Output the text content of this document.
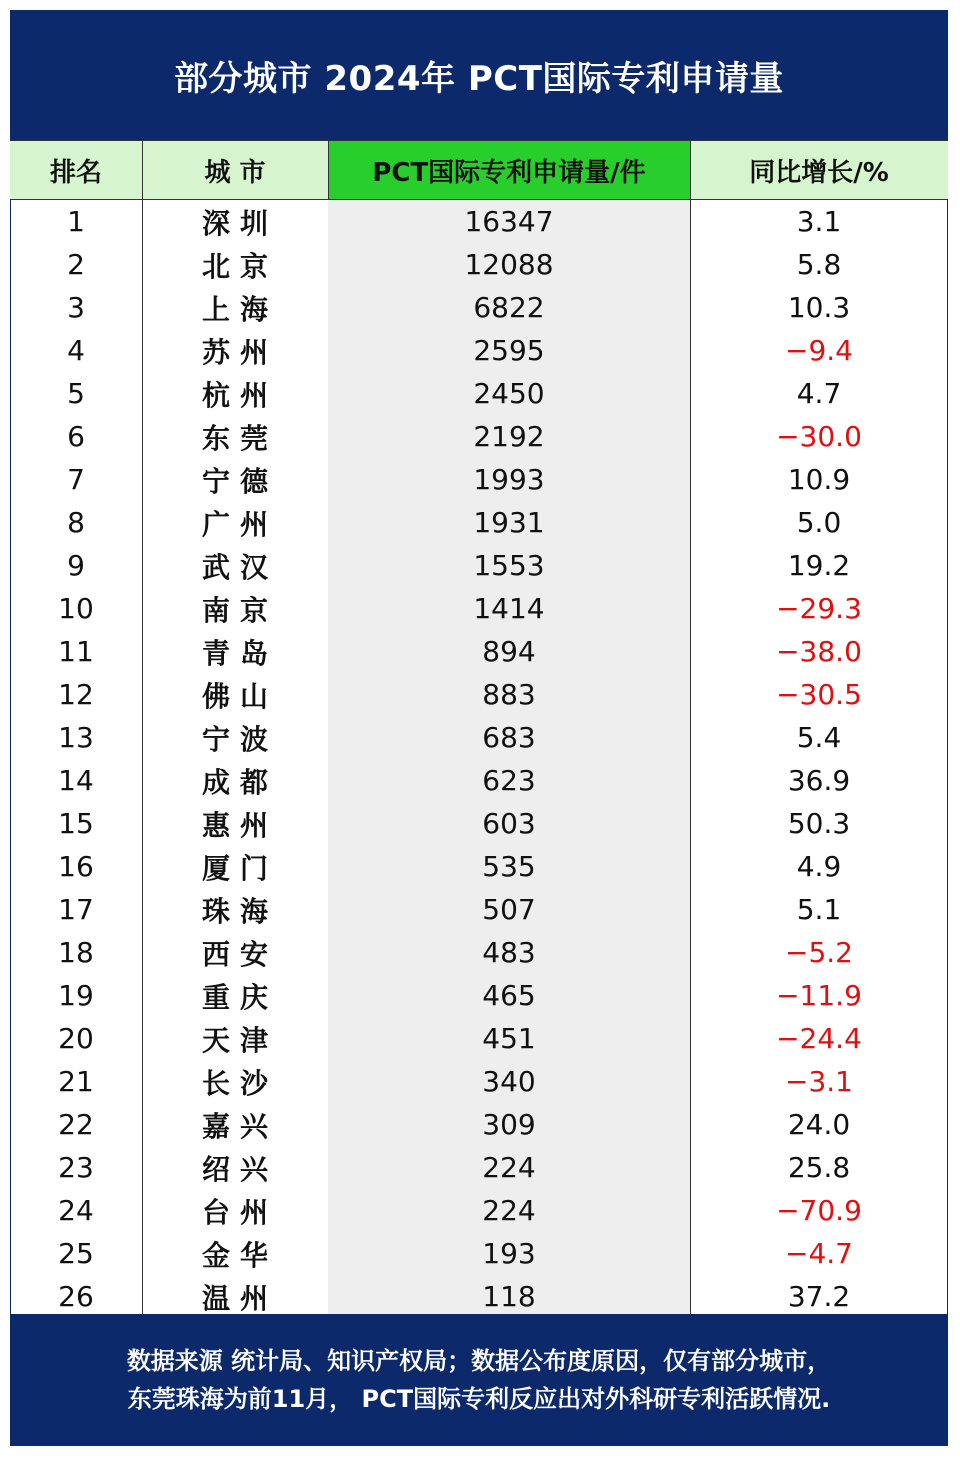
部分城市 2024年 PCT国际专利申请量
排名	城 市	PCT国际专利申请量/件	同比增长/%
1	深圳	16347	3.1
2	北京	12088	5.8
3	上海	6822	10.3
4	苏州	2595	−9.4
5	杭州	2450	4.7
6	东莞	2192	−30.0
7	宁德	1993	10.9
8	广州	1931	5.0
9	武汉	1553	19.2
10	南京	1414	−29.3
11	青岛	894	−38.0
12	佛山	883	−30.5
13	宁波	683	5.4
14	成都	623	36.9
15	惠州	603	50.3
16	厦门	535	4.9
17	珠海	507	5.1
18	西安	483	−5.2
19	重庆	465	−11.9
20	天津	451	−24.4
21	长沙	340	−3.1
22	嘉兴	309	24.0
23	绍兴	224	25.8
24	台州	224	−70.9
25	金华	193	−4.7
26	温州	118	37.2
数据来源 统计局、知识产权局；数据公布度原因，仅有部分城市，
东莞珠海为前11月， PCT国际专利反应出对外科研专利活跃情况.
